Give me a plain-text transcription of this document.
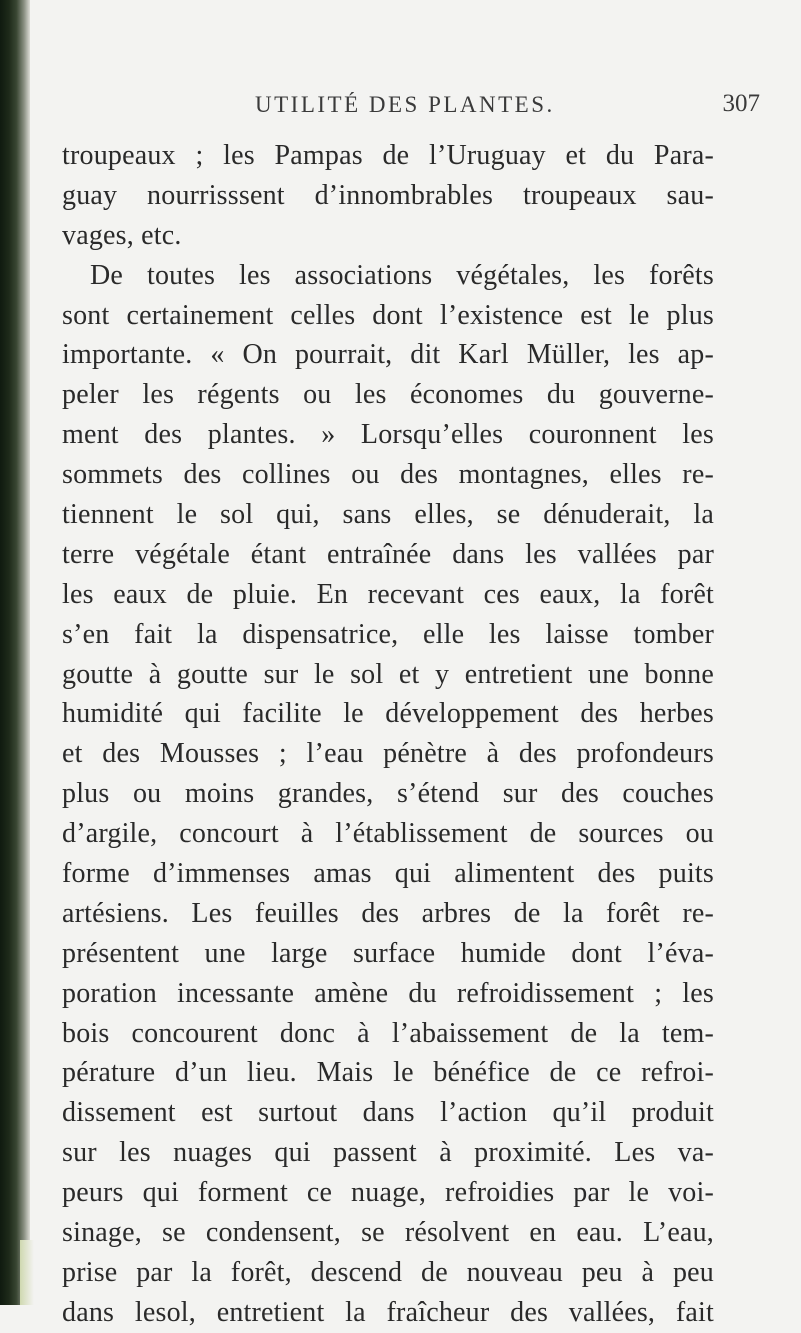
UTILITÉ DES PLANTES.	307
troupeaux ; les Pampas de l’Uruguay et du Para-
guay nourrisssent d’innombrables troupeaux sau-
vages, etc.
De toutes les associations végétales, les forêts
sont certainement celles dont l’existence est le plus
importante. « On pourrait, dit Karl Müller, les ap-
peler les régents ou les économes du gouverne-
ment des plantes. » Lorsqu’elles couronnent les
sommets des collines ou des montagnes, elles re-
tiennent le sol qui, sans elles, se dénuderait, la
terre végétale étant entraînée dans les vallées par
les eaux de pluie. En recevant ces eaux, la forêt
s’en fait la dispensatrice, elle les laisse tomber
goutte à goutte sur le sol et y entretient une bonne
humidité qui facilite le développement des herbes
et des Mousses ; l’eau pénètre à des profondeurs
plus ou moins grandes, s’étend sur des couches
d’argile, concourt à l’établissement de sources ou
forme d’immenses amas qui alimentent des puits
artésiens. Les feuilles des arbres de la forêt re-
présentent une large surface humide dont l’éva-
poration incessante amène du refroidissement ; les
bois concourent donc à l’abaissement de la tem-
pérature d’un lieu. Mais le bénéfice de ce refroi-
dissement est surtout dans l’action qu’il produit
sur les nuages qui passent à proximité. Les va-
peurs qui forment ce nuage, refroidies par le voi-
sinage, se condensent, se résolvent en eau. L’eau,
prise par la forêt, descend de nouveau peu à peu
dans lesol, entretient la fraîcheur des vallées, fait
